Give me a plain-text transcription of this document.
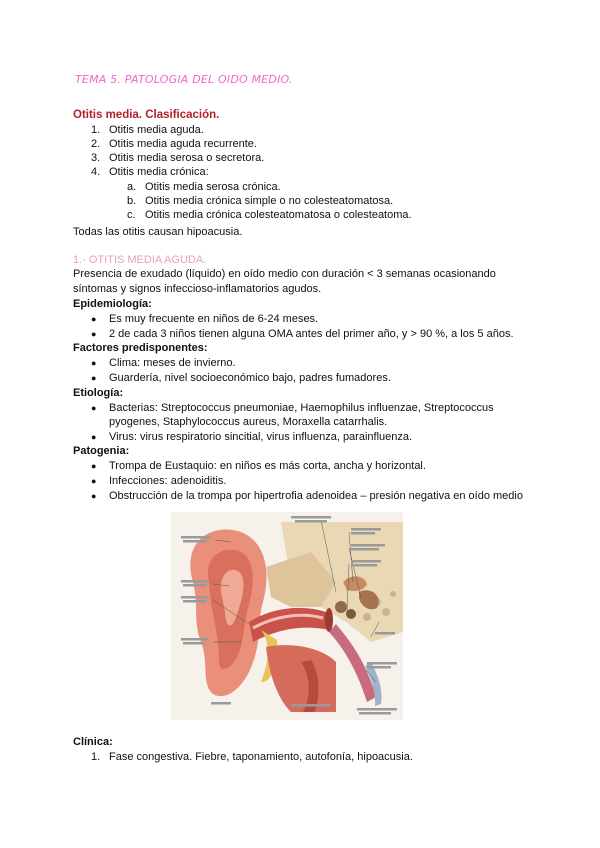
TEMA 5. PATOLOGIA DEL OIDO MEDIO.
Otitis media. Clasificación.
1. Otitis media aguda.
2. Otitis media aguda recurrente.
3. Otitis media serosa o secretora.
4. Otitis media crónica:
a. Otitis media serosa crónica.
b. Otitis media crónica simple o no colesteatomatosa.
c. Otitis media crónica colesteatomatosa o colesteatoma.
Todas las otitis causan hipoacusia.
1.- OTITIS MEDIA AGUDA.
Presencia de exudado (líquido) en oído medio con duración < 3 semanas ocasionando
síntomas y signos infeccioso-inflamatorios agudos.
Epidemiología:
● Es muy frecuente en niños de 6-24 meses.
● 2 de cada 3 niños tienen alguna OMA antes del primer año, y > 90 %, a los 5 años.
Factores predisponentes:
● Clima: meses de invierno.
● Guardería, nivel socioeconómico bajo, padres fumadores.
Etiología:
● Bacterias: Streptococcus pneumoniae, Haemophilus influenzae, Streptococcus
pyogenes, Staphylococcus aureus, Moraxella catarrhalis.
● Virus: virus respiratorio sincitial, virus influenza, parainfluenza.
Patogenia:
● Trompa de Eustaquio: en niños es más corta, ancha y horizontal.
● Infecciones: adenoiditis.
● Obstrucción de la trompa por hipertrofia adenoidea – presión negativa en oído medio
Clínica:
1. Fase congestiva. Fiebre, taponamiento, autofonía, hipoacusia.
